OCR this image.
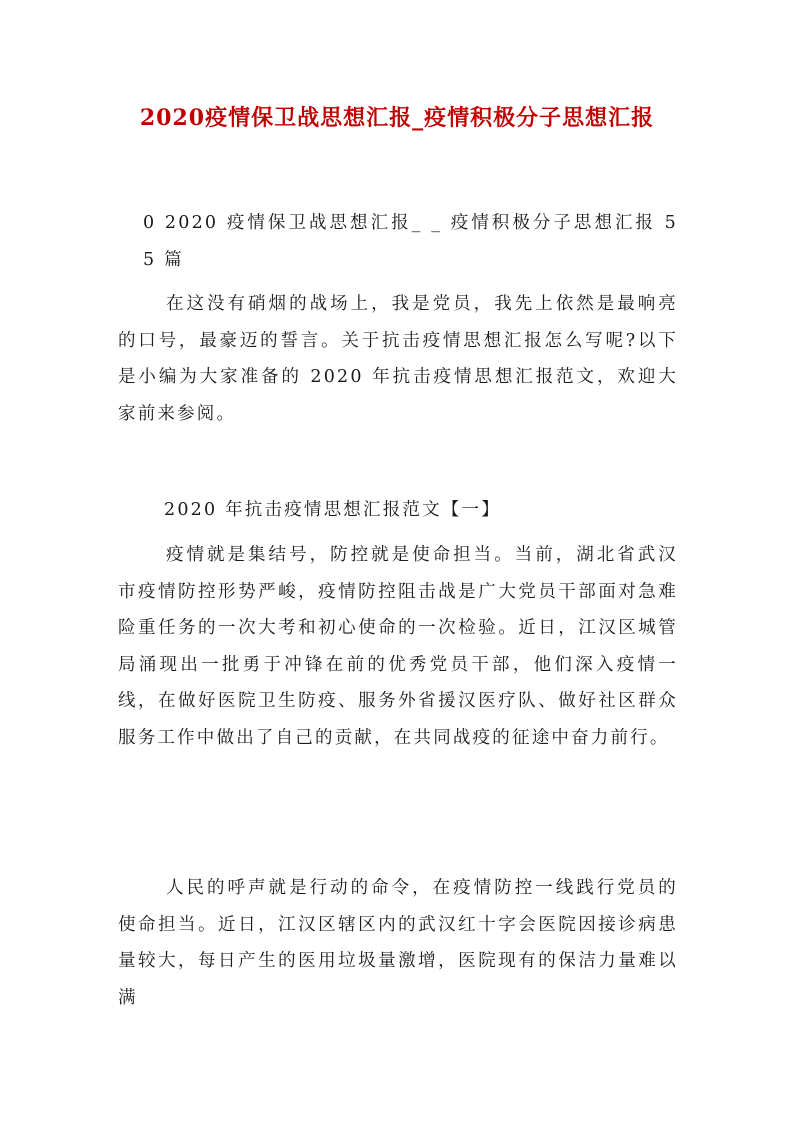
2020疫情保卫战思想汇报_疫情积极分子思想汇报
0 2020 疫情保卫战思想汇报_ _ 疫情积极分子思想汇报 5 5 篇
在这没有硝烟的战场上，我是党员，我先上依然是最响亮的口号，最豪迈的誓言。关于抗击疫情思想汇报怎么写呢?以下是小编为大家准备的 2020 年抗击疫情思想汇报范文，欢迎大家前来参阅。
2020 年抗击疫情思想汇报范文【一】
疫情就是集结号，防控就是使命担当。当前，湖北省武汉市疫情防控形势严峻，疫情防控阻击战是广大党员干部面对急难险重任务的一次大考和初心使命的一次检验。近日，江汉区城管局涌现出一批勇于冲锋在前的优秀党员干部，他们深入疫情一线，在做好医院卫生防疫、服务外省援汉医疗队、做好社区群众服务工作中做出了自己的贡献，在共同战疫的征途中奋力前行。
人民的呼声就是行动的命令，在疫情防控一线践行党员的使命担当。近日，江汉区辖区内的武汉红十字会医院因接诊病患量较大，每日产生的医用垃圾量激增，医院现有的保洁力量难以满
